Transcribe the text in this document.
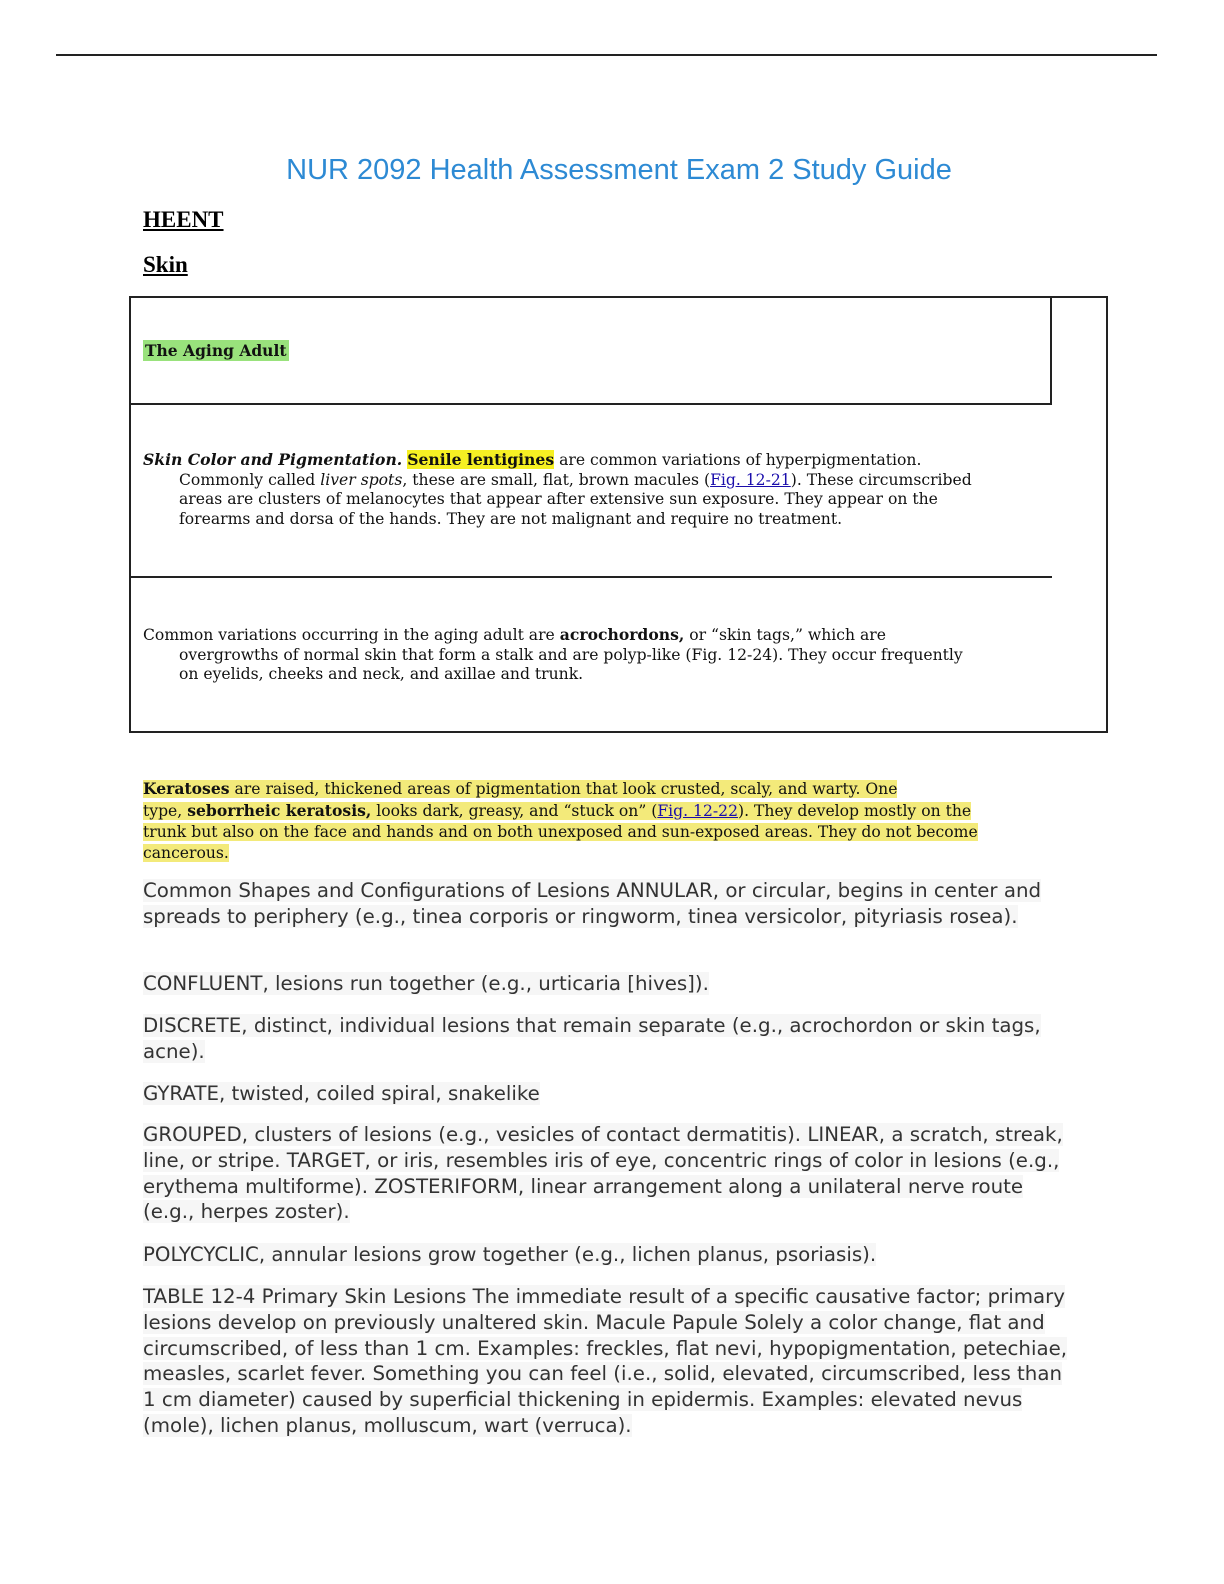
NUR 2092 Health Assessment Exam 2 Study Guide
HEENT
Skin
The Aging Adult

Skin Color and Pigmentation. Senile lentigines are common variations of hyperpigmentation.
Commonly called liver spots, these are small, flat, brown macules (Fig. 12-21). These circumscribed
areas are clusters of melanocytes that appear after extensive sun exposure. They appear on the
forearms and dorsa of the hands. They are not malignant and require no treatment.

Common variations occurring in the aging adult are acrochordons, or “skin tags,” which are
overgrowths of normal skin that form a stalk and are polyp-like (Fig. 12-24). They occur frequently
on eyelids, cheeks and neck, and axillae and trunk.

Keratoses are raised, thickened areas of pigmentation that look crusted, scaly, and warty. One
type, seborrheic keratosis, looks dark, greasy, and “stuck on” (Fig. 12-22). They develop mostly on the
trunk but also on the face and hands and on both unexposed and sun-exposed areas. They do not become
cancerous.

Common Shapes and Configurations of Lesions ANNULAR, or circular, begins in center and spreads to periphery (e.g., tinea corporis or ringworm, tinea versicolor, pityriasis rosea).

CONFLUENT, lesions run together (e.g., urticaria [hives]).

DISCRETE, distinct, individual lesions that remain separate (e.g., acrochordon or skin tags, acne).

GYRATE, twisted, coiled spiral, snakelike

GROUPED, clusters of lesions (e.g., vesicles of contact dermatitis). LINEAR, a scratch, streak, line, or stripe. TARGET, or iris, resembles iris of eye, concentric rings of color in lesions (e.g., erythema multiforme). ZOSTERIFORM, linear arrangement along a unilateral nerve route (e.g., herpes zoster).

POLYCYCLIC, annular lesions grow together (e.g., lichen planus, psoriasis).

TABLE 12-4 Primary Skin Lesions The immediate result of a specific causative factor; primary lesions develop on previously unaltered skin. Macule Papule Solely a color change, flat and circumscribed, of less than 1 cm. Examples: freckles, flat nevi, hypopigmentation, petechiae, measles, scarlet fever. Something you can feel (i.e., solid, elevated, circumscribed, less than 1 cm diameter) caused by superficial thickening in epidermis. Examples: elevated nevus (mole), lichen planus, molluscum, wart (verruca).
